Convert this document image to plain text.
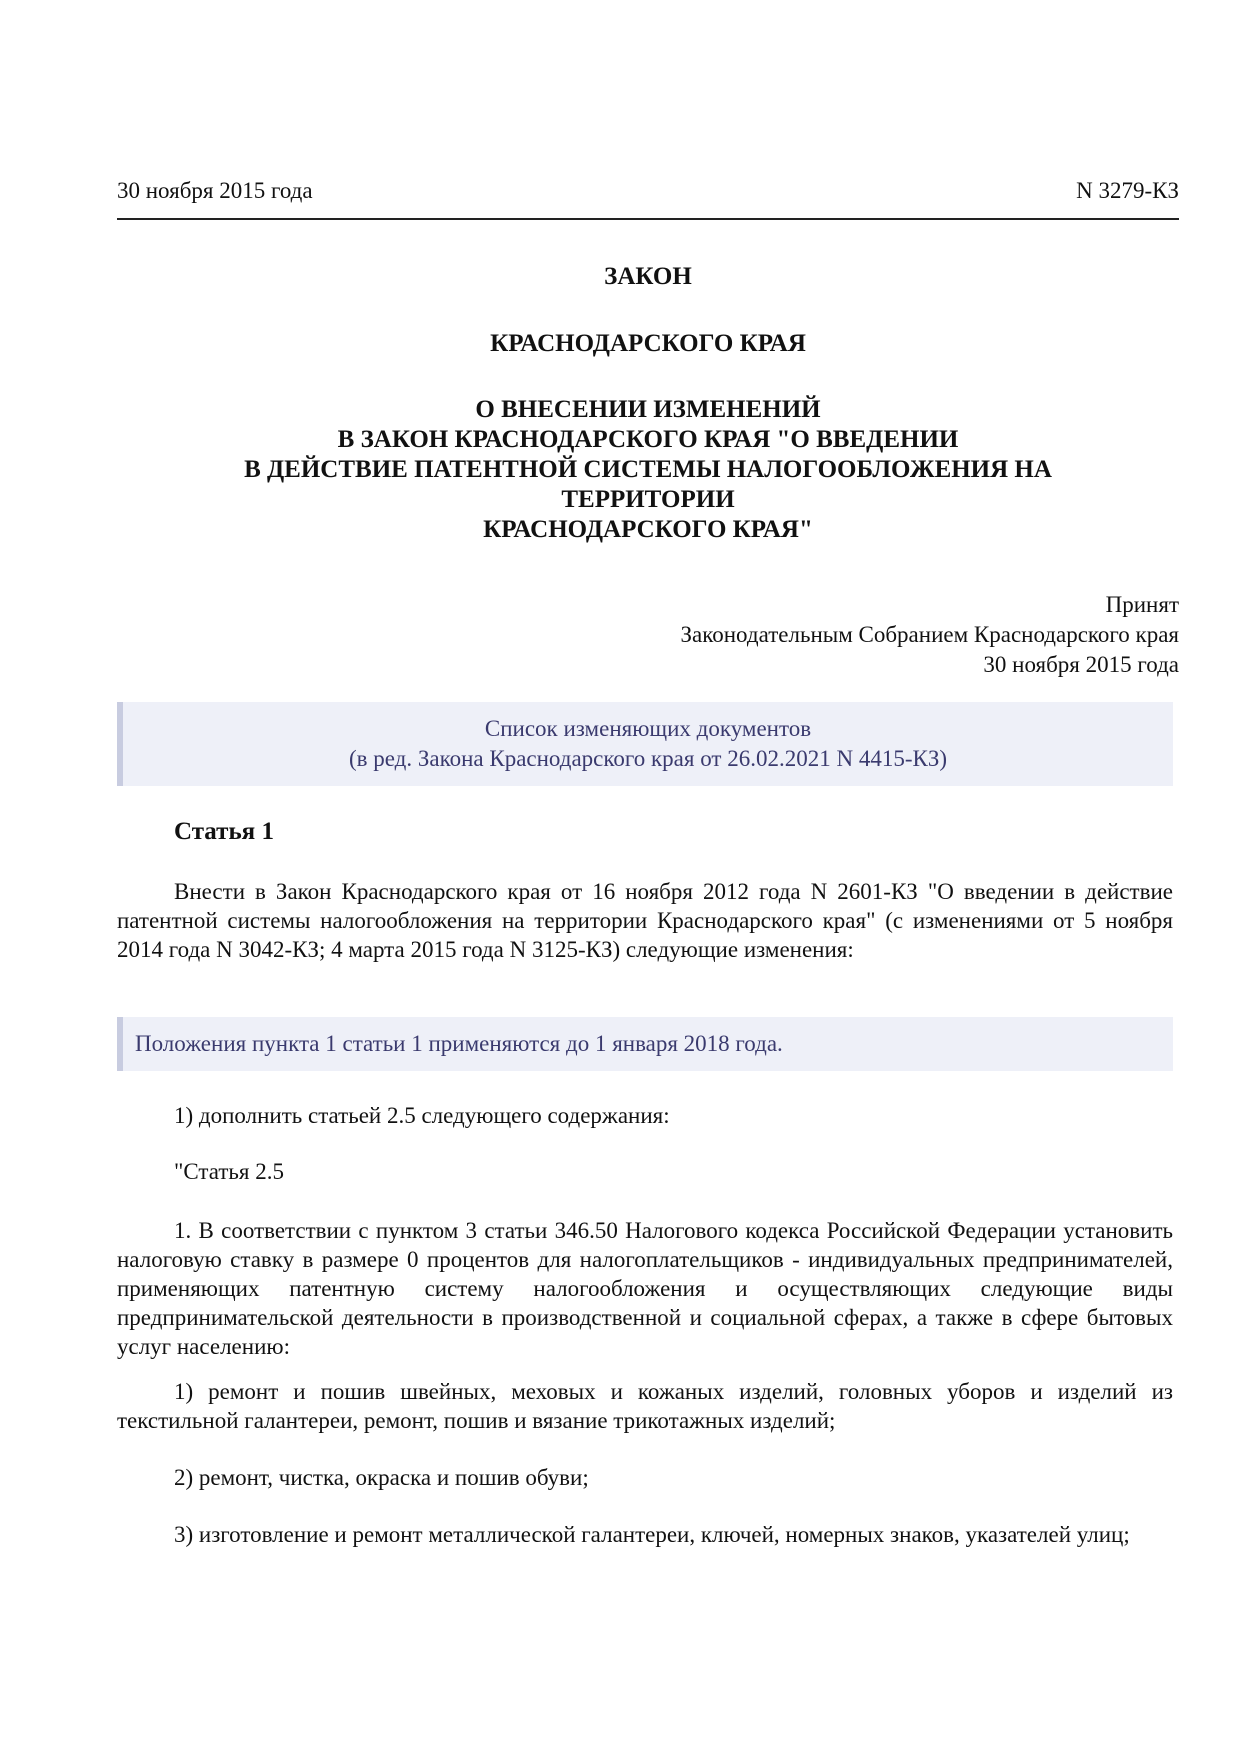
30 ноября 2015 года	N 3279-КЗ
ЗАКОН
КРАСНОДАРСКОГО КРАЯ
О ВНЕСЕНИИ ИЗМЕНЕНИЙ
В ЗАКОН КРАСНОДАРСКОГО КРАЯ "О ВВЕДЕНИИ
В ДЕЙСТВИЕ ПАТЕНТНОЙ СИСТЕМЫ НАЛОГООБЛОЖЕНИЯ НА
ТЕРРИТОРИИ
КРАСНОДАРСКОГО КРАЯ"
Принят
Законодательным Собранием Краснодарского края
30 ноября 2015 года
Список изменяющих документов
(в ред. Закона Краснодарского края от 26.02.2021 N 4415-КЗ)
Статья 1
Внести в Закон Краснодарского края от 16 ноября 2012 года N 2601-КЗ "О введении в действие патентной системы налогообложения на территории Краснодарского края" (с изменениями от 5 ноября 2014 года N 3042-КЗ; 4 марта 2015 года N 3125-КЗ) следующие изменения:
Положения пункта 1 статьи 1 применяются до 1 января 2018 года.
1) дополнить статьей 2.5 следующего содержания:
"Статья 2.5
1. В соответствии с пунктом 3 статьи 346.50 Налогового кодекса Российской Федерации установить налоговую ставку в размере 0 процентов для налогоплательщиков - индивидуальных предпринимателей, применяющих патентную систему налогообложения и осуществляющих следующие виды предпринимательской деятельности в производственной и социальной сферах, а также в сфере бытовых услуг населению:
1) ремонт и пошив швейных, меховых и кожаных изделий, головных уборов и изделий из текстильной галантереи, ремонт, пошив и вязание трикотажных изделий;
2) ремонт, чистка, окраска и пошив обуви;
3) изготовление и ремонт металлической галантереи, ключей, номерных знаков, указателей улиц;
